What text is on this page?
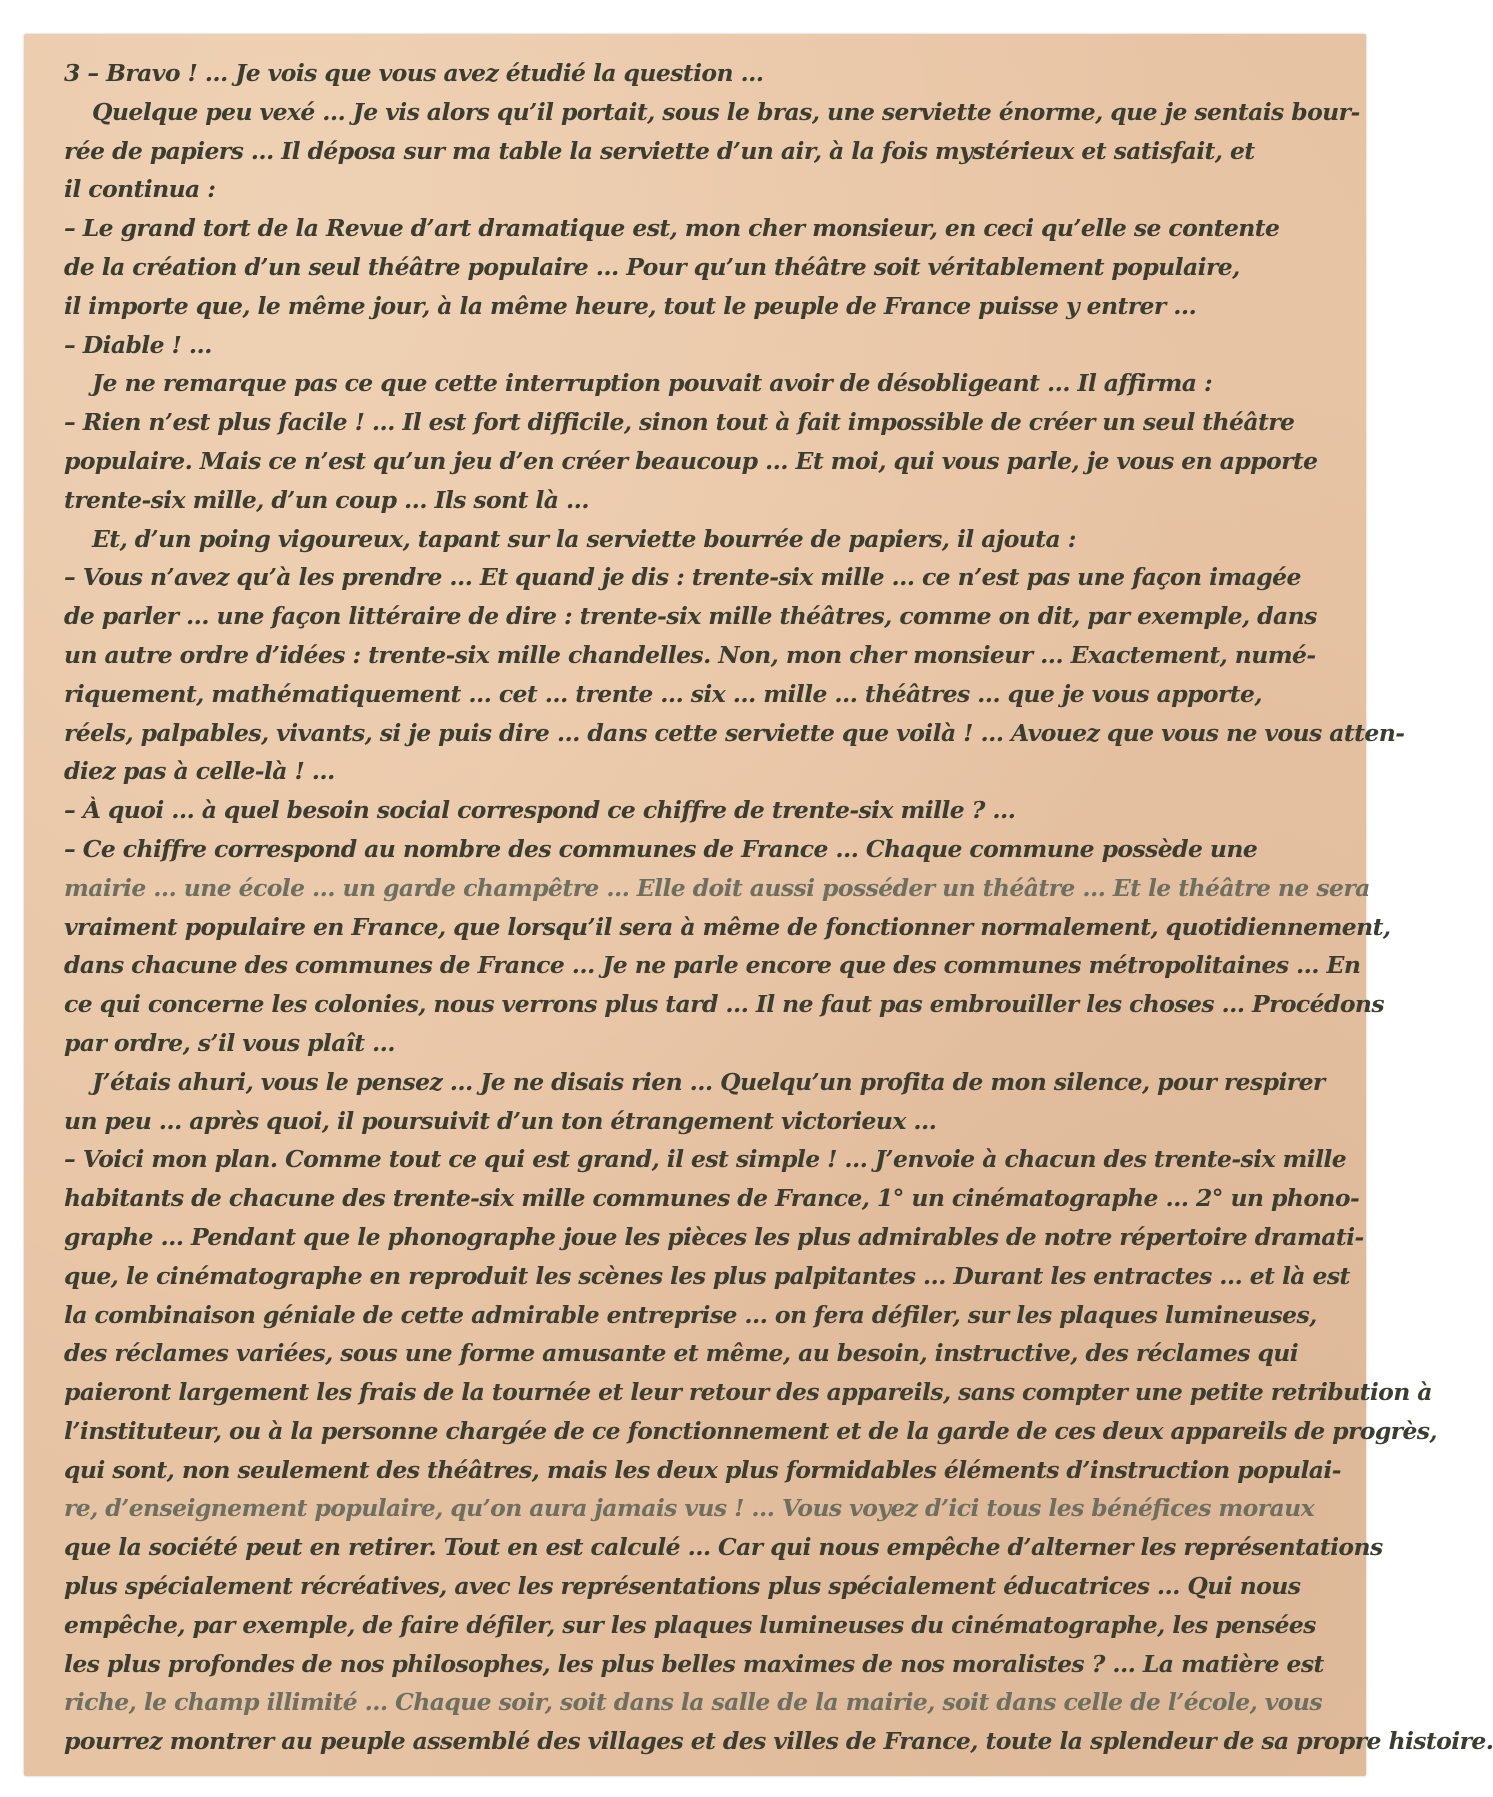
3 – Bravo ! … Je vois que vous avez étudié la question …
Quelque peu vexé … Je vis alors qu’il portait, sous le bras, une serviette énorme, que je sentais bour-
rée de papiers … Il déposa sur ma table la serviette d’un air, à la fois mystérieux et satisfait, et
il continua :
– Le grand tort de la Revue d’art dramatique est, mon cher monsieur, en ceci qu’elle se contente
de la création d’un seul théâtre populaire … Pour qu’un théâtre soit véritablement populaire,
il importe que, le même jour, à la même heure, tout le peuple de France puisse y entrer …
– Diable ! …
Je ne remarque pas ce que cette interruption pouvait avoir de désobligeant … Il affirma :
– Rien n’est plus facile ! … Il est fort difficile, sinon tout à fait impossible de créer un seul théâtre
populaire. Mais ce n’est qu’un jeu d’en créer beaucoup … Et moi, qui vous parle, je vous en apporte
trente-six mille, d’un coup … Ils sont là …
Et, d’un poing vigoureux, tapant sur la serviette bourrée de papiers, il ajouta :
– Vous n’avez qu’à les prendre … Et quand je dis : trente-six mille … ce n’est pas une façon imagée
de parler … une façon littéraire de dire : trente-six mille théâtres, comme on dit, par exemple, dans
un autre ordre d’idées : trente-six mille chandelles. Non, mon cher monsieur … Exactement, numé-
riquement, mathématiquement … cet … trente … six … mille … théâtres … que je vous apporte,
réels, palpables, vivants, si je puis dire … dans cette serviette que voilà ! … Avouez que vous ne vous atten-
diez pas à celle-là ! …
– À quoi … à quel besoin social correspond ce chiffre de trente-six mille ? …
– Ce chiffre correspond au nombre des communes de France … Chaque commune possède une
mairie … une école … un garde champêtre … Elle doit aussi posséder un théâtre … Et le théâtre ne sera
vraiment populaire en France, que lorsqu’il sera à même de fonctionner normalement, quotidiennement,
dans chacune des communes de France … Je ne parle encore que des communes métropolitaines … En
ce qui concerne les colonies, nous verrons plus tard … Il ne faut pas embrouiller les choses … Procédons
par ordre, s’il vous plaît …
J’étais ahuri, vous le pensez … Je ne disais rien … Quelqu’un profita de mon silence, pour respirer
un peu … après quoi, il poursuivit d’un ton étrangement victorieux …
– Voici mon plan. Comme tout ce qui est grand, il est simple ! … J’envoie à chacun des trente-six mille
habitants de chacune des trente-six mille communes de France, 1° un cinématographe … 2° un phono-
graphe … Pendant que le phonographe joue les pièces les plus admirables de notre répertoire dramati-
que, le cinématographe en reproduit les scènes les plus palpitantes … Durant les entractes … et là est
la combinaison géniale de cette admirable entreprise … on fera défiler, sur les plaques lumineuses,
des réclames variées, sous une forme amusante et même, au besoin, instructive, des réclames qui
paieront largement les frais de la tournée et leur retour des appareils, sans compter une petite retribution à
l’instituteur, ou à la personne chargée de ce fonctionnement et de la garde de ces deux appareils de progrès,
qui sont, non seulement des théâtres, mais les deux plus formidables éléments d’instruction populai-
re, d’enseignement populaire, qu’on aura jamais vus ! … Vous voyez d’ici tous les bénéfices moraux
que la société peut en retirer. Tout en est calculé … Car qui nous empêche d’alterner les représentations
plus spécialement récréatives, avec les représentations plus spécialement éducatrices … Qui nous
empêche, par exemple, de faire défiler, sur les plaques lumineuses du cinématographe, les pensées
les plus profondes de nos philosophes, les plus belles maximes de nos moralistes ? … La matière est
riche, le champ illimité … Chaque soir, soit dans la salle de la mairie, soit dans celle de l’école, vous
pourrez montrer au peuple assemblé des villages et des villes de France, toute la splendeur de sa propre histoire.
